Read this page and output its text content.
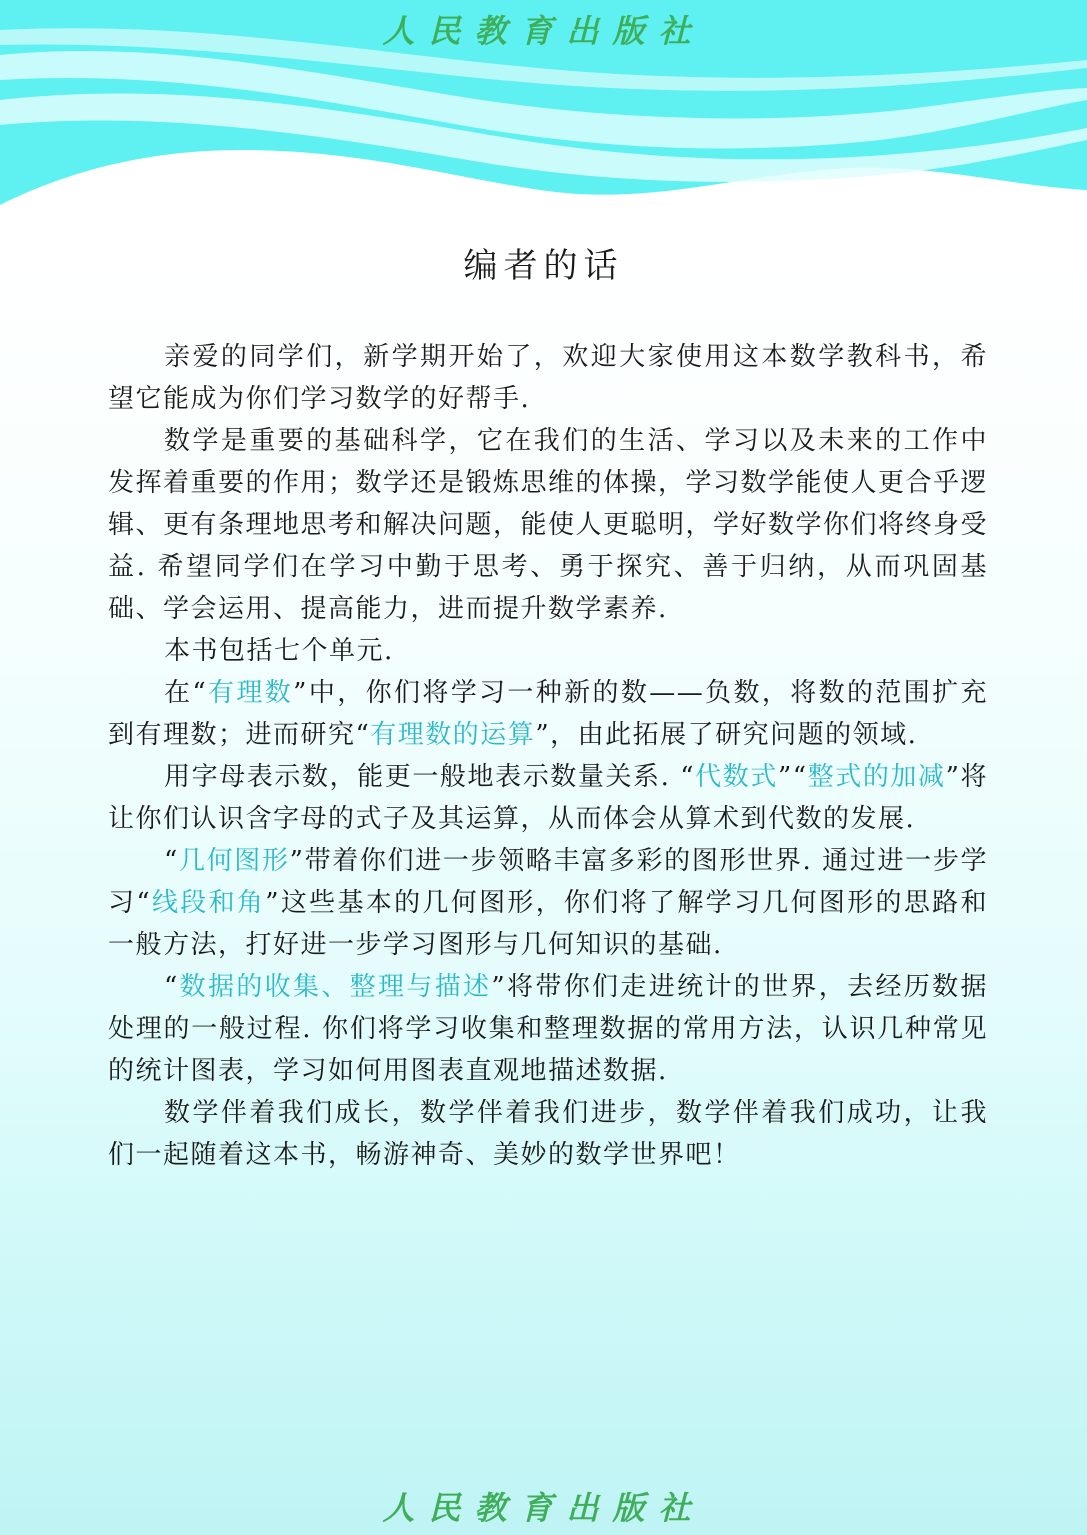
人民教育出版社
编者的话

亲爱的同学们，新学期开始了，欢迎大家使用这本数学教科书，希望它能成为你们学习数学的好帮手.

数学是重要的基础科学，它在我们的生活、学习以及未来的工作中发挥着重要的作用；数学还是锻炼思维的体操，学习数学能使人更合乎逻辑、更有条理地思考和解决问题，能使人更聪明，学好数学你们将终身受益. 希望同学们在学习中勤于思考、勇于探究、善于归纳，从而巩固基础、学会运用、提高能力，进而提升数学素养.

本书包括七个单元.

在“有理数”中，你们将学习一种新的数——负数，将数的范围扩充到有理数；进而研究“有理数的运算”，由此拓展了研究问题的领域.

用字母表示数，能更一般地表示数量关系. “代数式”“整式的加减”将让你们认识含字母的式子及其运算，从而体会从算术到代数的发展.

“几何图形”带着你们进一步领略丰富多彩的图形世界. 通过进一步学习“线段和角”这些基本的几何图形，你们将了解学习几何图形的思路和一般方法，打好进一步学习图形与几何知识的基础.

“数据的收集、整理与描述”将带你们走进统计的世界，去经历数据处理的一般过程. 你们将学习收集和整理数据的常用方法，认识几种常见的统计图表，学习如何用图表直观地描述数据.

数学伴着我们成长，数学伴着我们进步，数学伴着我们成功，让我们一起随着这本书，畅游神奇、美妙的数学世界吧！

人民教育出版社
